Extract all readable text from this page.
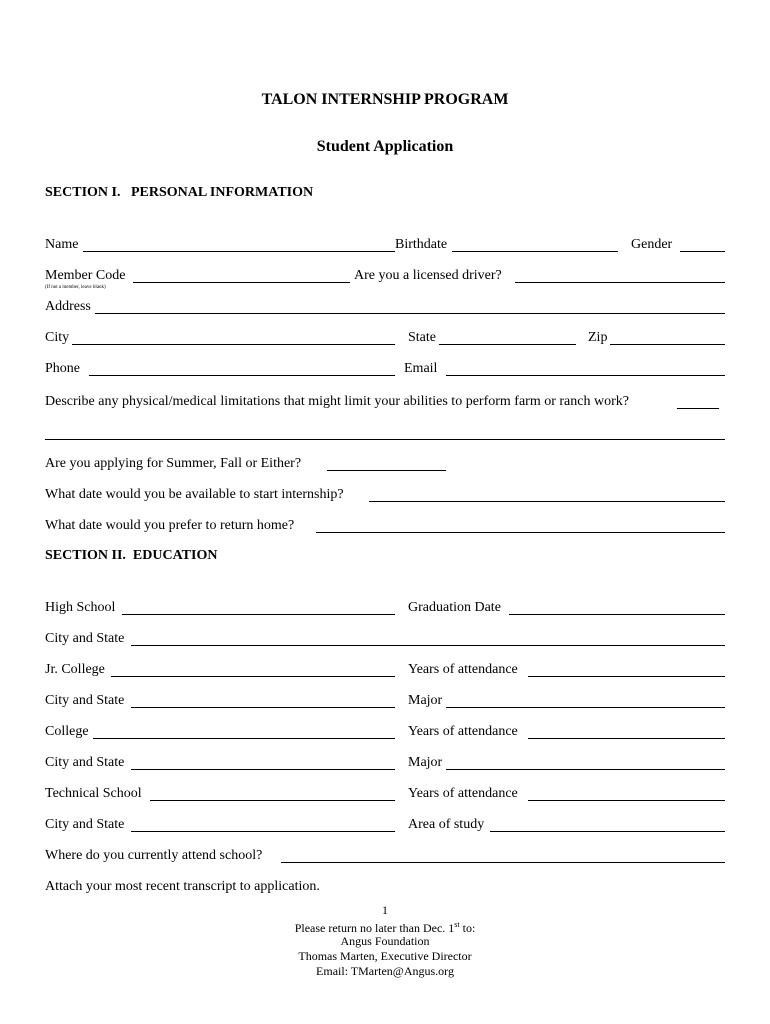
TALON INTERNSHIP PROGRAM
Student Application
SECTION I.   PERSONAL INFORMATION
Name	Birthdate	Gender
Member Code
(If not a member, leave blank)
Are you a licensed driver?
Address
City	State	Zip
Phone	Email
Describe any physical/medical limitations that might limit your abilities to perform farm or ranch work?
Are you applying for Summer, Fall or Either?
What date would you be available to start internship?
What date would you prefer to return home?
SECTION II.  EDUCATION
High School	Graduation Date
City and State
Jr. College	Years of attendance
City and State	Major
College	Years of attendance
City and State	Major
Technical School	Years of attendance
City and State	Area of study
Where do you currently attend school?
Attach your most recent transcript to application.
1
Please return no later than Dec. 1st to:
Angus Foundation
Thomas Marten, Executive Director
Email: TMarten@Angus.org
